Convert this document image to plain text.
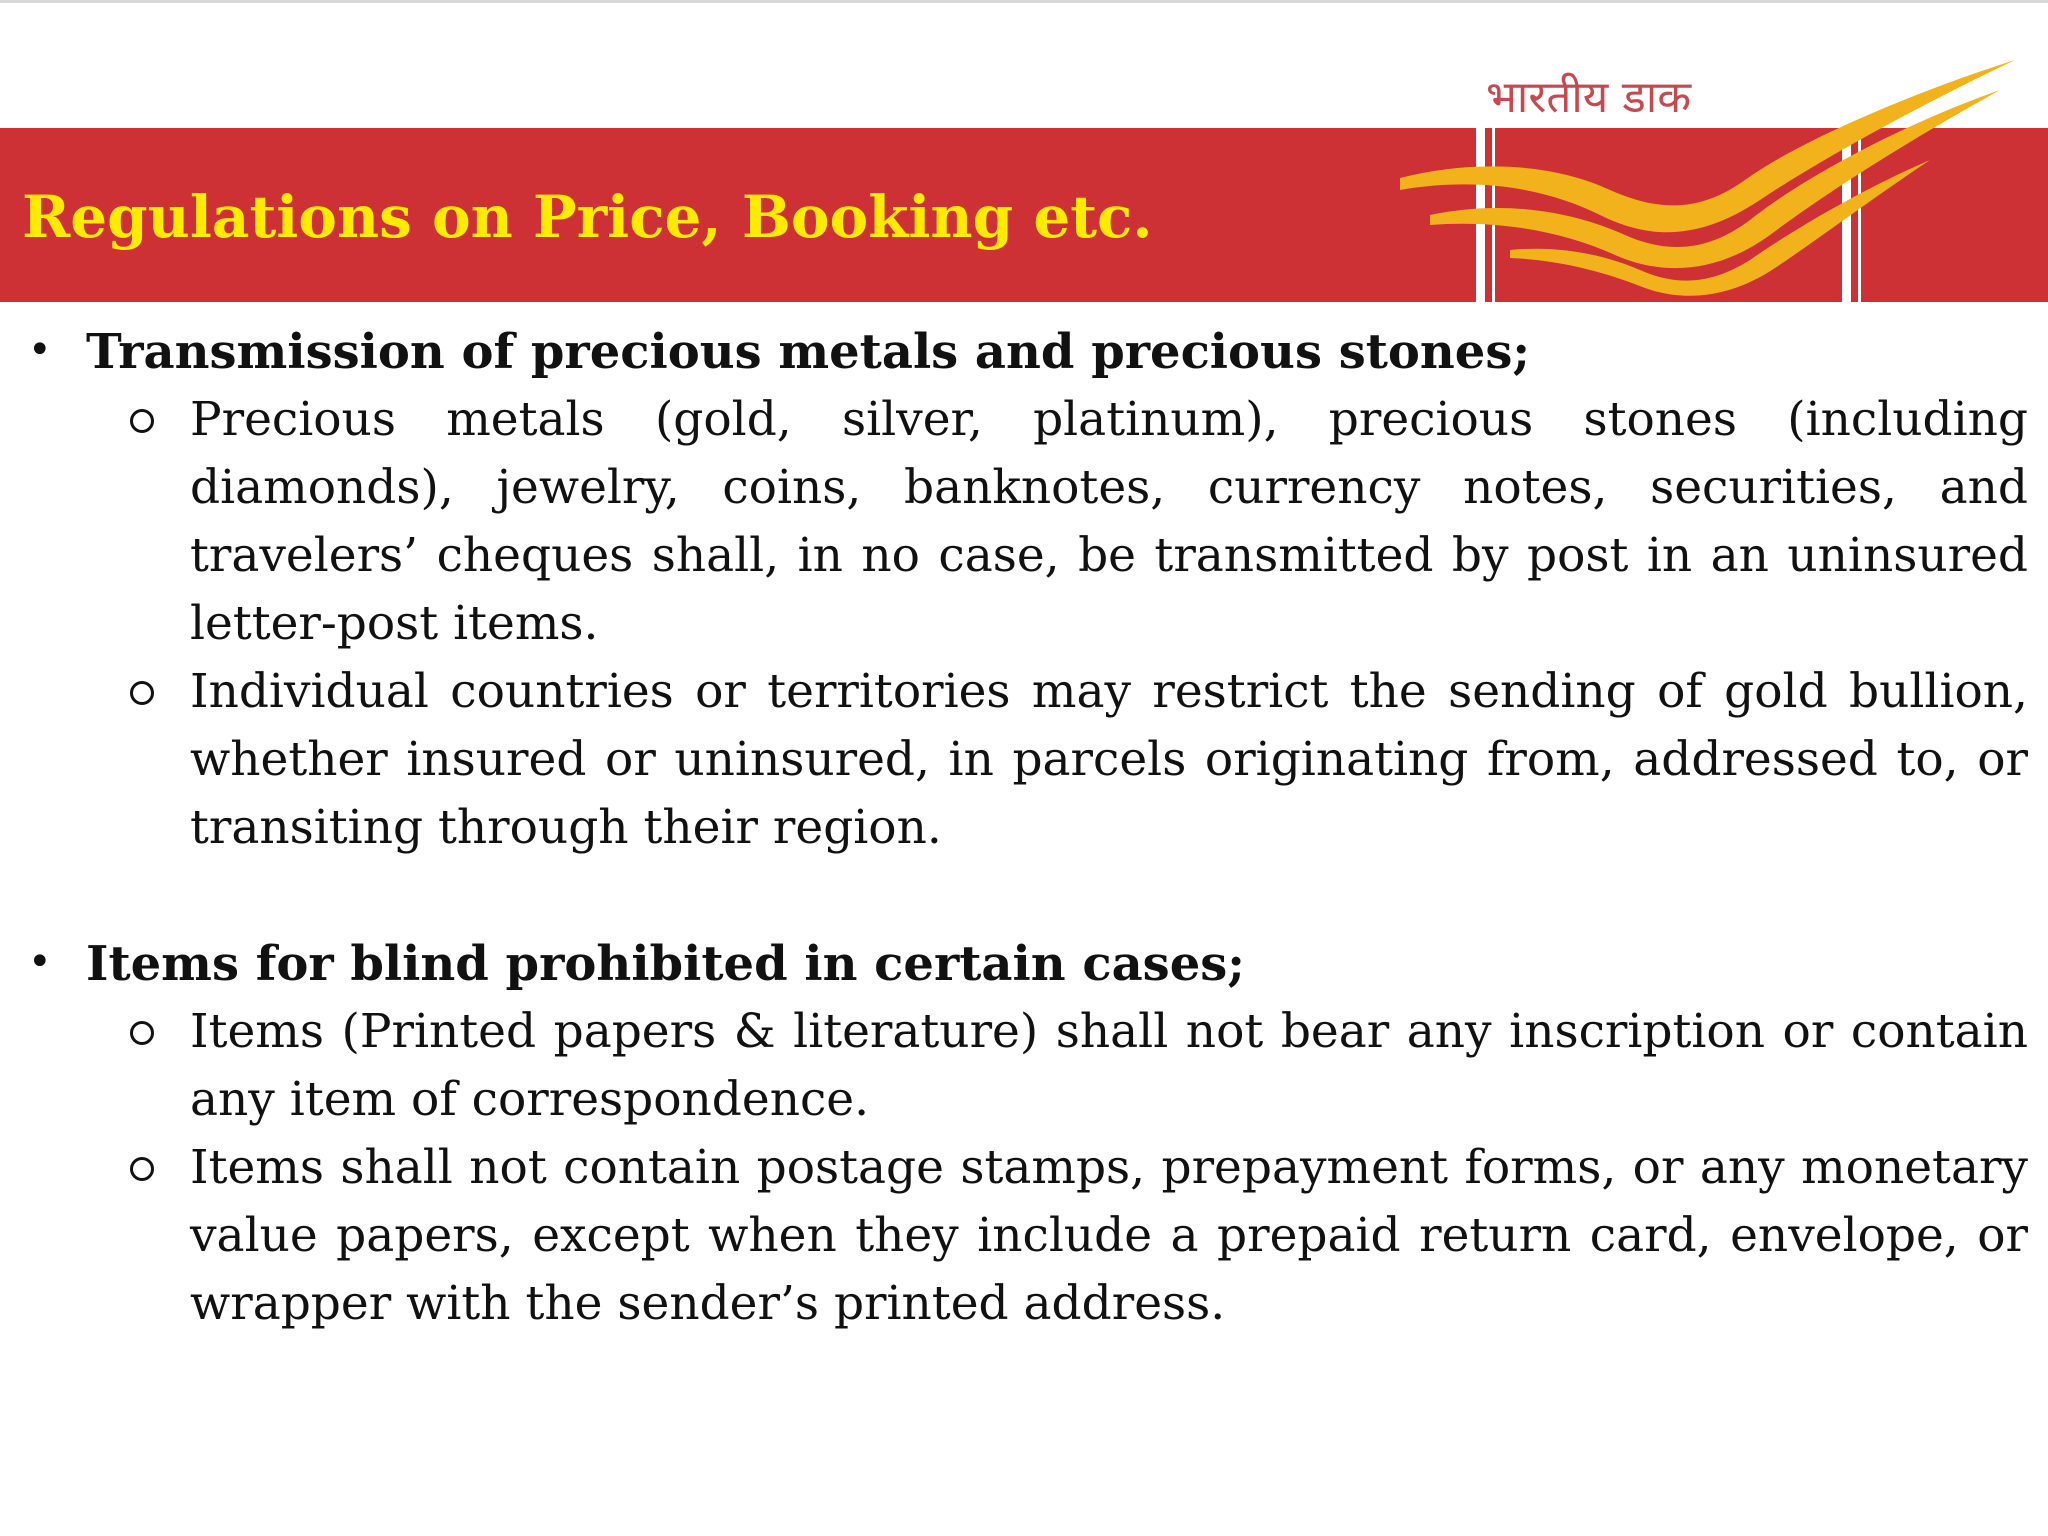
Regulations on Price, Booking etc.
भारतीय डाक
• Transmission of precious metals and precious stones;

Precious metals (gold, silver, platinum), precious stones (including diamonds), jewelry, coins, banknotes, currency notes, securities, and travelers’ cheques shall, in no case, be transmitted by post in an uninsured letter-post items.

Individual countries or territories may restrict the sending of gold bullion, whether insured or uninsured, in parcels originating from, addressed to, or transiting through their region.

• Items for blind prohibited in certain cases;

Items (Printed papers & literature) shall not bear any inscription or contain any item of correspondence.

Items shall not contain postage stamps, prepayment forms, or any monetary value papers, except when they include a prepaid return card, envelope, or wrapper with the sender’s printed address.
